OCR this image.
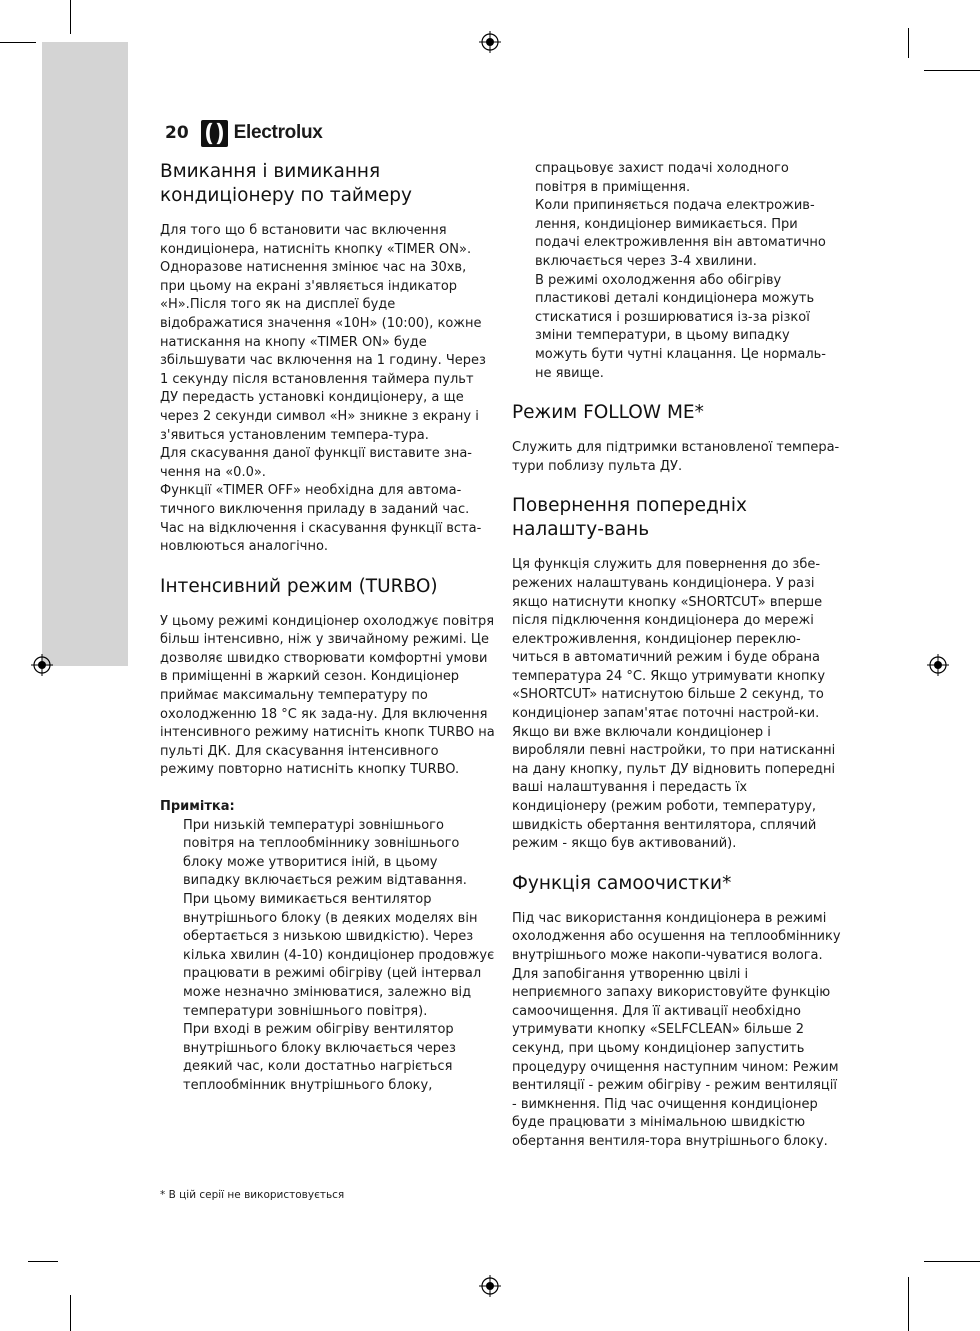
20 Electrolux
Вмикання і вимикання кондиціонеру по таймеру

Для того що б встановити час включення кондиціонера, натисніть кнопку «TIMER ON». Одноразове натиснення змінює час на 30хв, при цьому на екрані з'являється індикатор «H».Після того як на дисплеї буде відображатися значення «10H» (10:00), кожне натискання на кнопу «TIMER ON» буде збільшувати час включення на 1 годину. Через 1 секунду після встановлення таймера пульт ДУ передасть установкі кондиціонеру, а ще через 2 секунди символ «H» зникне з екрану і з'явиться установленим темпера-тура.

Для скасування даної функції виставите зна-чення на «0.0».

Функції «TIMER OFF» необхідна для автома-тичного виключення приладу в заданий час. Час на відключення і скасування функції вста-новлюються аналогічно.

Інтенсивний режим (TURBO)

У цьому режимі кондиціонер охолоджує повітря більш інтенсивно, ніж у звичайному режимі. Це дозволяє швидко створювати комфортні умови в приміщенні в жаркий сезон. Кондиціонер приймає максимальну температуру по охолодженню 18 °С як зада-ну. Для включення інтенсивного режиму натисніть кнопк TURBO на пульті ДК. Для скасування інтенсивного режиму повторно натисніть кнопку TURBO.

Примітка:

При низькій температурі зовнішнього повітря на теплообміннику зовнішнього блоку може утворитися іній, в цьому випадку включається режим відтавання. При цьому вимикається вентилятор внутрішнього блоку (в деяких моделях він обертається з низькою швидкістю). Через кілька хвилин (4-10) кондиціонер продовжує працювати в режимі обігріву (цей інтервал може незначно змінюватися, залежно від температури зовнішнього повітря).

При вході в режим обігріву вентилятор внутрішнього блоку включається через деякий час, коли достатньо нагріється теплообмінник внутрішнього блоку,

* В цій серії не використовується

спрацьовує захист подачі холодного повітря в приміщення.

Коли припиняється подача електрожив-лення, кондиціонер вимикається. При подачі електроживлення він автоматично включається через 3-4 хвилини.

В режимі охолодження або обігріву пластикові деталі кондиціонера можуть стискатися і розширюватися із-за різкої зміни температури, в цьому випадку можуть бути чутні клацання. Це нормаль-не явище.

Режим FOLLOW ME*

Служить для підтримки встановленої темпера-тури поблизу пульта ДУ.

Повернення попередніх налашту-вань

Ця функція служить для повернення до збе-режених налаштувань кондиціонера. У разі якщо натиснути кнопку «SHORTCUT» вперше після підключення кондиціонера до мережі електроживлення, кондиціонер переклю-читься в автоматичний режим і буде обрана температура 24 °С. Якщо утримувати кнопку «SHORTCUT» натиснутою більше 2 секунд, то кондиціонер запам'ятає поточні настрой-ки. Якщо ви вже включали кондиціонер і виробляли певні настройки, то при натисканні на дану кнопку, пульт ДУ відновить попередні ваші налаштування і передасть їх кондиціонеру (режим роботи, температуру, швидкість обертання вентилятора, сплячий режим - якщо був активований).

Функція самоочистки*

Під час використання кондиціонера в режимі охолодження або осушення на теплообміннику внутрішнього може накопи-чуватися волога. Для запобігання утворенню цвілі і неприємного запаху використовуйте функцію самоочищення. Для її активації необхідно утримувати кнопку «SELFCLEAN» більше 2 секунд, при цьому кондиціонер запустить процедуру очищення наступним чином: Режим вентиляції - режим обігріву - режим вентиляції - вимкнення. Під час очищення кондиціонер буде працювати з мінімальною швидкістю обертання вентиля-тора внутрішнього блоку.
